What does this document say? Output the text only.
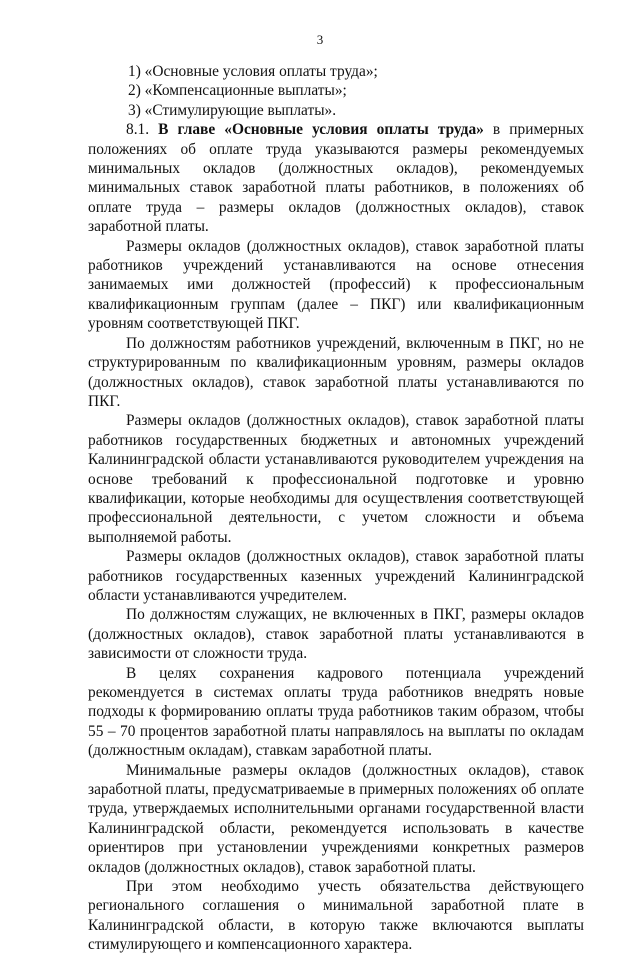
3

1) «Основные условия оплаты труда»;

2) «Компенсационные выплаты»;

3) «Стимулирующие выплаты».

8.1. В главе «Основные условия оплаты труда» в примерных положениях об оплате труда указываются размеры рекомендуемых минимальных окладов (должностных окладов), рекомендуемых минимальных ставок заработной платы работников, в положениях об оплате труда – размеры окладов (должностных окладов), ставок заработной платы.

Размеры окладов (должностных окладов), ставок заработной платы работников учреждений устанавливаются на основе отнесения занимаемых ими должностей (профессий) к профессиональным квалификационным группам (далее – ПКГ) или квалификационным уровням соответствующей ПКГ.

По должностям работников учреждений, включенным в ПКГ, но не структурированным по квалификационным уровням, размеры окладов (должностных окладов), ставок заработной платы устанавливаются по ПКГ.

Размеры окладов (должностных окладов), ставок заработной платы работников государственных бюджетных и автономных учреждений Калининградской области устанавливаются руководителем учреждения на основе требований к профессиональной подготовке и уровню квалификации, которые необходимы для осуществления соответствующей профессиональной деятельности, с учетом сложности и объема выполняемой работы.

Размеры окладов (должностных окладов), ставок заработной платы работников государственных казенных учреждений Калининградской области устанавливаются учредителем.

По должностям служащих, не включенных в ПКГ, размеры окладов (должностных окладов), ставок заработной платы устанавливаются в зависимости от сложности труда.

В целях сохранения кадрового потенциала учреждений рекомендуется в системах оплаты труда работников внедрять новые подходы к формированию оплаты труда работников таким образом, чтобы 55 – 70 процентов заработной платы направлялось на выплаты по окладам (должностным окладам), ставкам заработной платы.

Минимальные размеры окладов (должностных окладов), ставок заработной платы, предусматриваемые в примерных положениях об оплате труда, утверждаемых исполнительными органами государственной власти Калининградской области, рекомендуется использовать в качестве ориентиров при установлении учреждениями конкретных размеров окладов (должностных окладов), ставок заработной платы.

При этом необходимо учесть обязательства действующего регионального соглашения о минимальной заработной плате в Калининградской области, в которую также включаются выплаты стимулирующего и компенсационного характера.
